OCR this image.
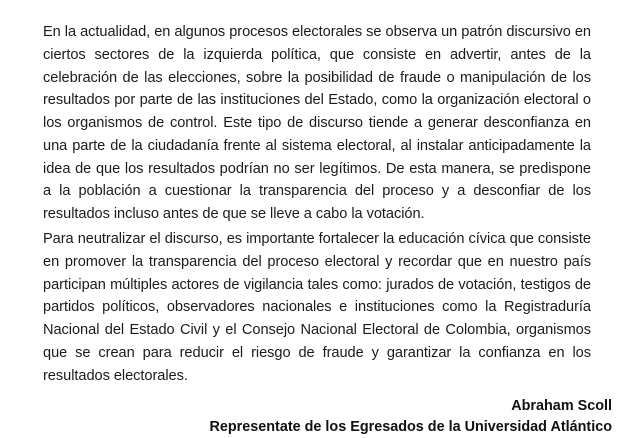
En la actualidad, en algunos procesos electorales se observa un patrón discursivo en ciertos sectores de la izquierda política, que consiste en advertir, antes de la celebración de las elecciones, sobre la posibilidad de fraude o manipulación de los resultados por parte de las instituciones del Estado, como la organización electoral o los organismos de control. Este tipo de discurso tiende a generar desconfianza en una parte de la ciudadanía frente al sistema electoral, al instalar anticipadamente la idea de que los resultados podrían no ser legítimos. De esta manera, se predispone a la población a cuestionar la transparencia del proceso y a desconfiar de los resultados incluso antes de que se lleve a cabo la votación.

Para neutralizar el discurso, es importante fortalecer la educación cívica que consiste en promover la transparencia del proceso electoral y recordar que en nuestro país participan múltiples actores de vigilancia tales como: jurados de votación, testigos de partidos políticos, observadores nacionales e instituciones como la Registraduría Nacional del Estado Civil y el Consejo Nacional Electoral de Colombia, organismos que se crean para reducir el riesgo de fraude y garantizar la confianza en los resultados electorales.

Abraham Scoll
Representate de los Egresados de la Universidad Atlántico
